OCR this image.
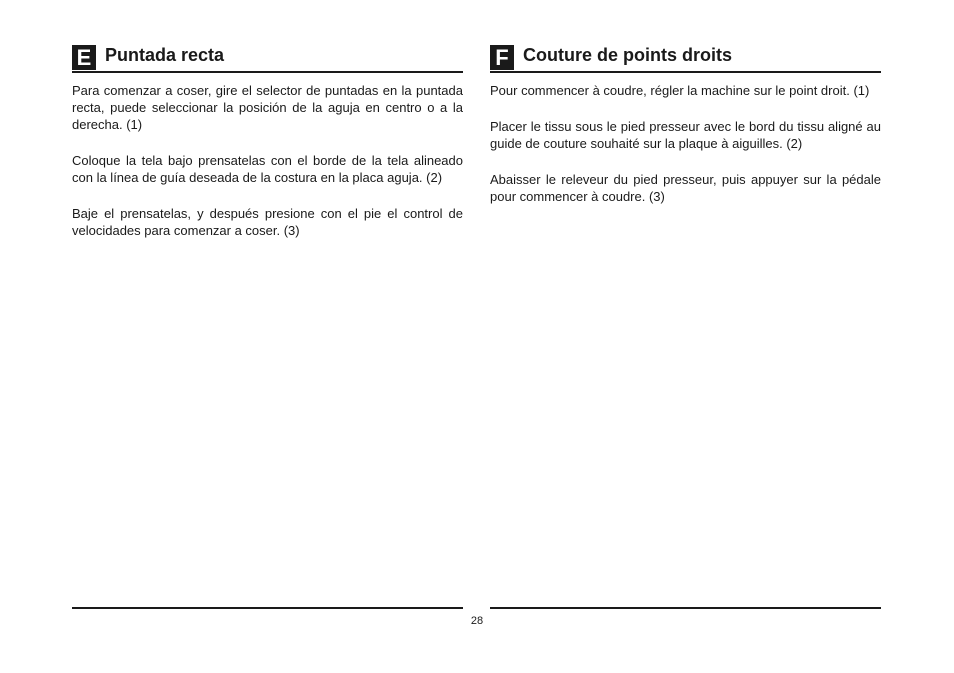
E Puntada recta

Para comenzar a coser, gire el selector de puntadas en la puntada recta, puede seleccionar la posición de la aguja en centro o a la derecha. (1)

Coloque la tela bajo prensatelas con el borde de la tela alineado con la línea de guía deseada de la costura en la placa aguja. (2)

Baje el prensatelas, y después presione con el pie el control de velocidades para comenzar a coser. (3)

F Couture de points droits

Pour commencer à coudre, régler la machine sur le point droit. (1)

Placer le tissu sous le pied presseur avec le bord du tissu aligné au guide de couture souhaité sur la plaque à aiguilles. (2)

Abaisser le releveur du pied presseur, puis appuyer sur la pédale pour commencer à coudre. (3)

28
